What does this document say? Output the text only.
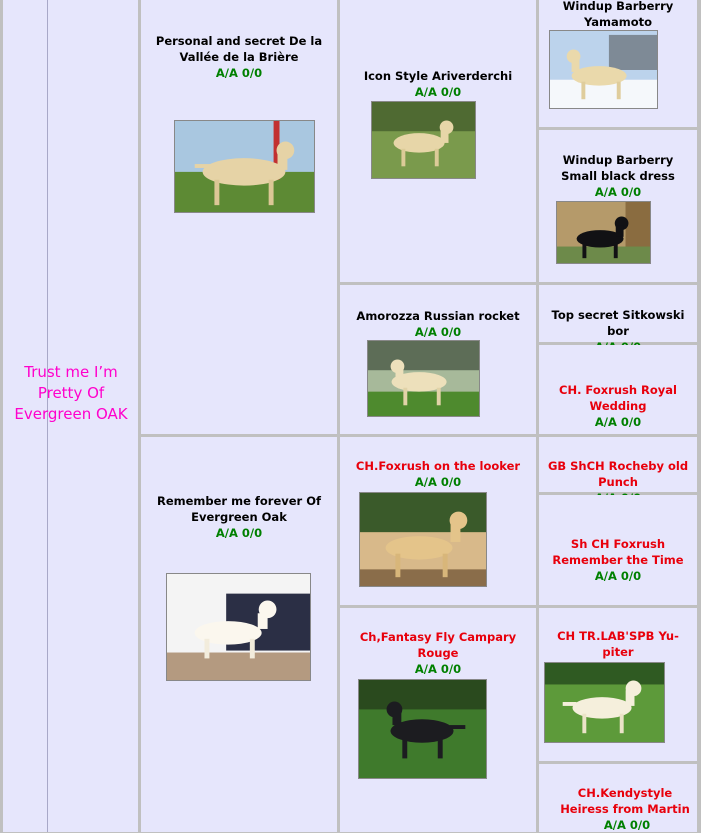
Trust me I’m Pretty Of Evergreen OAK
Personal and secret De la Vallée de la Brière
A/A 0/0
Remember me forever Of Evergreen Oak
A/A 0/0
Icon Style Ariverderchi
A/A 0/0
Amorozza Russian rocket
A/A 0/0
CH.Foxrush on the looker
A/A 0/0
Ch,Fantasy Fly Campary Rouge
A/A 0/0
Windup Barberry Yamamoto
Windup Barberry Small black dress
A/A 0/0
Top secret Sitkowski bor
CH. Foxrush Royal Wedding
A/A 0/0
GB ShCH Rocheby old Punch
Sh CH Foxrush Remember the Time
A/A 0/0
CH TR.LAB'SPB Yu-piter
CH.Kendystyle Heiress from Martin
A/A 0/0
